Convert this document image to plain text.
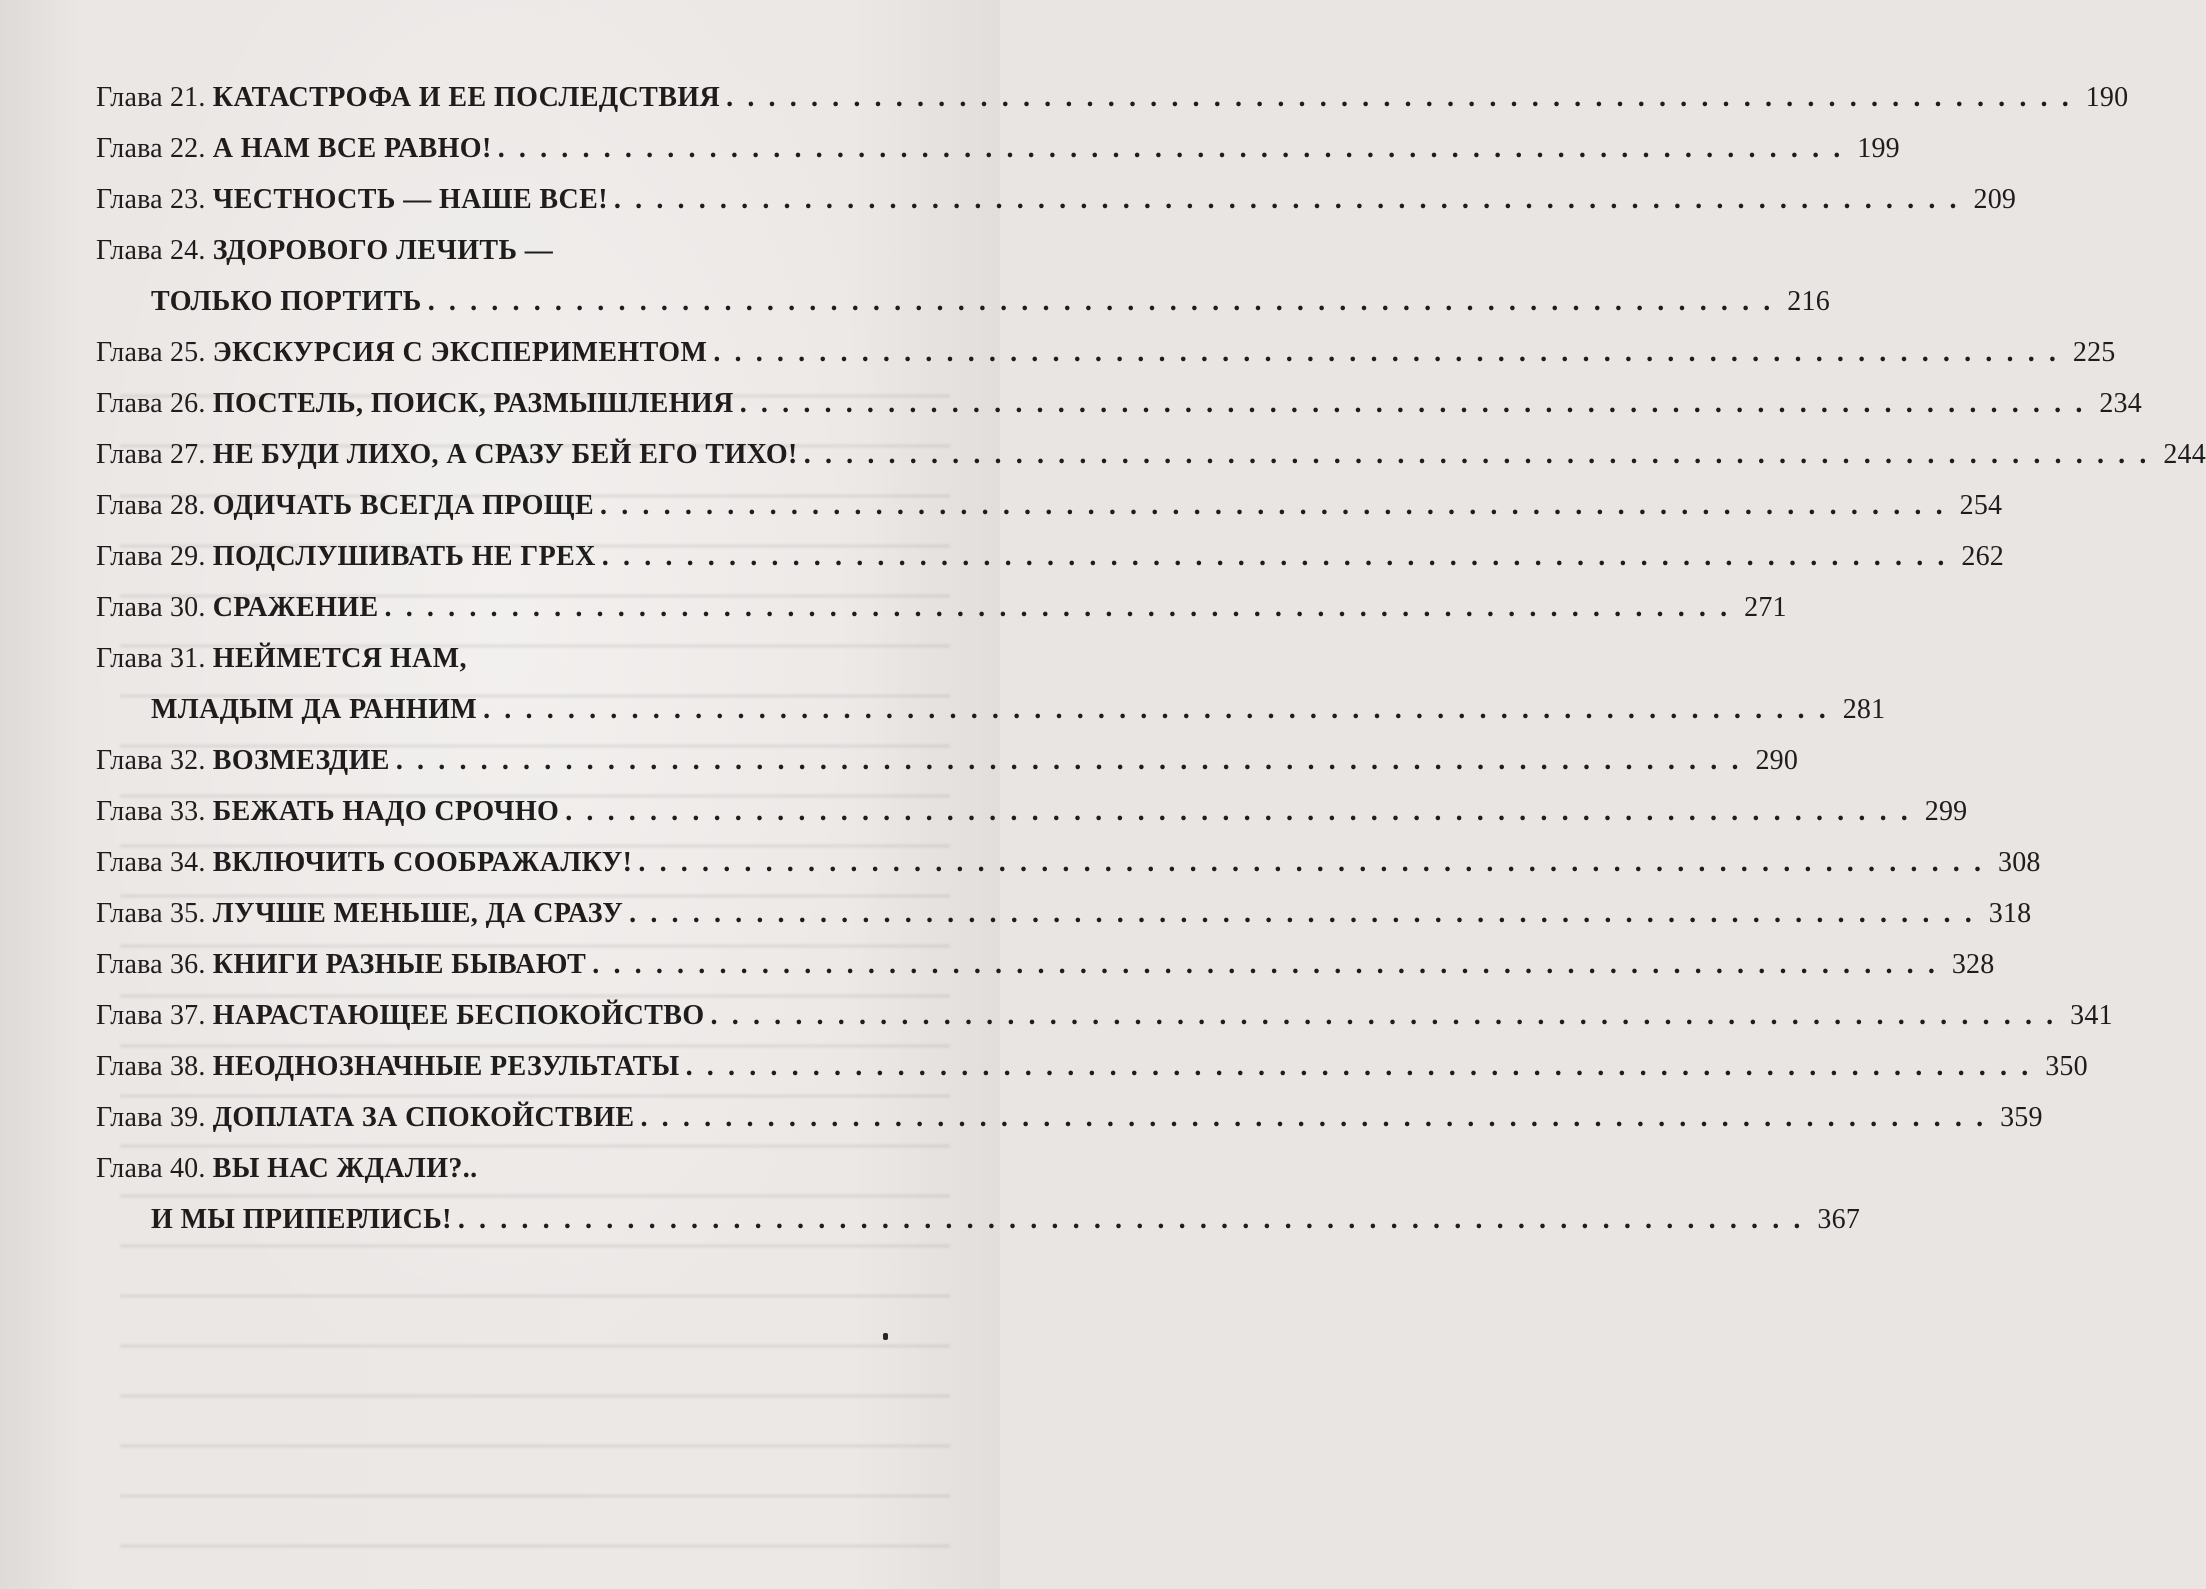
Глава 21.
КАТАСТРОФА И ЕЕ ПОСЛЕДСТВИЯ . . . . . . . . . . . . . . . . . . . . . . . . . . . . . . . . . . . . . . . . . . . . . . . . . . . . . . . . . . . . . . . . 190
Глава 22.
А НАМ ВСЕ РАВНО! . . . . . . . . . . . . . . . . . . . . . . . . . . . . . . . . . . . . . . . . . . . . . . . . . . . . . . . . . . . . . . . . 199
Глава 23.
ЧЕСТНОСТЬ — НАШЕ ВСЕ! . . . . . . . . . . . . . . . . . . . . . . . . . . . . . . . . . . . . . . . . . . . . . . . . . . . . . . . . . . . . . . . . 209
Глава 24.
ЗДОРОВОГО ЛЕЧИТЬ —
ТОЛЬКО ПОРТИТЬ . . . . . . . . . . . . . . . . . . . . . . . . . . . . . . . . . . . . . . . . . . . . . . . . . . . . . . . . . . . . . . . . 216
Глава 25.
ЭКСКУРСИЯ С ЭКСПЕРИМЕНТОМ . . . . . . . . . . . . . . . . . . . . . . . . . . . . . . . . . . . . . . . . . . . . . . . . . . . . . . . . . . . . . . . . 225
Глава 26.
ПОСТЕЛЬ, ПОИСК, РАЗМЫШЛЕНИЯ . . . . . . . . . . . . . . . . . . . . . . . . . . . . . . . . . . . . . . . . . . . . . . . . . . . . . . . . . . . . . . . . 234
Глава 27.
НЕ БУДИ ЛИХО, А СРАЗУ БЕЙ ЕГО ТИХО! . . . . . . . . . . . . . . . . . . . . . . . . . . . . . . . . . . . . . . . . . . . . . . . . . . . . . . . . . . . . . . . . 244
Глава 28.
ОДИЧАТЬ ВСЕГДА ПРОЩЕ . . . . . . . . . . . . . . . . . . . . . . . . . . . . . . . . . . . . . . . . . . . . . . . . . . . . . . . . . . . . . . . . 254
Глава 29.
ПОДСЛУШИВАТЬ НЕ ГРЕХ . . . . . . . . . . . . . . . . . . . . . . . . . . . . . . . . . . . . . . . . . . . . . . . . . . . . . . . . . . . . . . . . 262
Глава 30.
СРАЖЕНИЕ . . . . . . . . . . . . . . . . . . . . . . . . . . . . . . . . . . . . . . . . . . . . . . . . . . . . . . . . . . . . . . . . 271
Глава 31.
НЕЙМЕТСЯ НАМ,
МЛАДЫМ ДА РАННИМ . . . . . . . . . . . . . . . . . . . . . . . . . . . . . . . . . . . . . . . . . . . . . . . . . . . . . . . . . . . . . . . . 281
Глава 32.
ВОЗМЕЗДИЕ . . . . . . . . . . . . . . . . . . . . . . . . . . . . . . . . . . . . . . . . . . . . . . . . . . . . . . . . . . . . . . . . 290
Глава 33.
БЕЖАТЬ НАДО СРОЧНО . . . . . . . . . . . . . . . . . . . . . . . . . . . . . . . . . . . . . . . . . . . . . . . . . . . . . . . . . . . . . . . . 299
Глава 34.
ВКЛЮЧИТЬ СООБРАЖАЛКУ! . . . . . . . . . . . . . . . . . . . . . . . . . . . . . . . . . . . . . . . . . . . . . . . . . . . . . . . . . . . . . . . . 308
Глава 35.
ЛУЧШЕ МЕНЬШЕ, ДА СРАЗУ . . . . . . . . . . . . . . . . . . . . . . . . . . . . . . . . . . . . . . . . . . . . . . . . . . . . . . . . . . . . . . . . 318
Глава 36.
КНИГИ РАЗНЫЕ БЫВАЮТ . . . . . . . . . . . . . . . . . . . . . . . . . . . . . . . . . . . . . . . . . . . . . . . . . . . . . . . . . . . . . . . . 328
Глава 37.
НАРАСТАЮЩЕЕ БЕСПОКОЙСТВО . . . . . . . . . . . . . . . . . . . . . . . . . . . . . . . . . . . . . . . . . . . . . . . . . . . . . . . . . . . . . . . . 341
Глава 38.
НЕОДНОЗНАЧНЫЕ РЕЗУЛЬТАТЫ . . . . . . . . . . . . . . . . . . . . . . . . . . . . . . . . . . . . . . . . . . . . . . . . . . . . . . . . . . . . . . . . 350
Глава 39.
ДОПЛАТА ЗА СПОКОЙСТВИЕ . . . . . . . . . . . . . . . . . . . . . . . . . . . . . . . . . . . . . . . . . . . . . . . . . . . . . . . . . . . . . . . . 359
Глава 40.
ВЫ НАС ЖДАЛИ?..
И МЫ ПРИПЕРЛИСЬ! . . . . . . . . . . . . . . . . . . . . . . . . . . . . . . . . . . . . . . . . . . . . . . . . . . . . . . . . . . . . . . . . 367
